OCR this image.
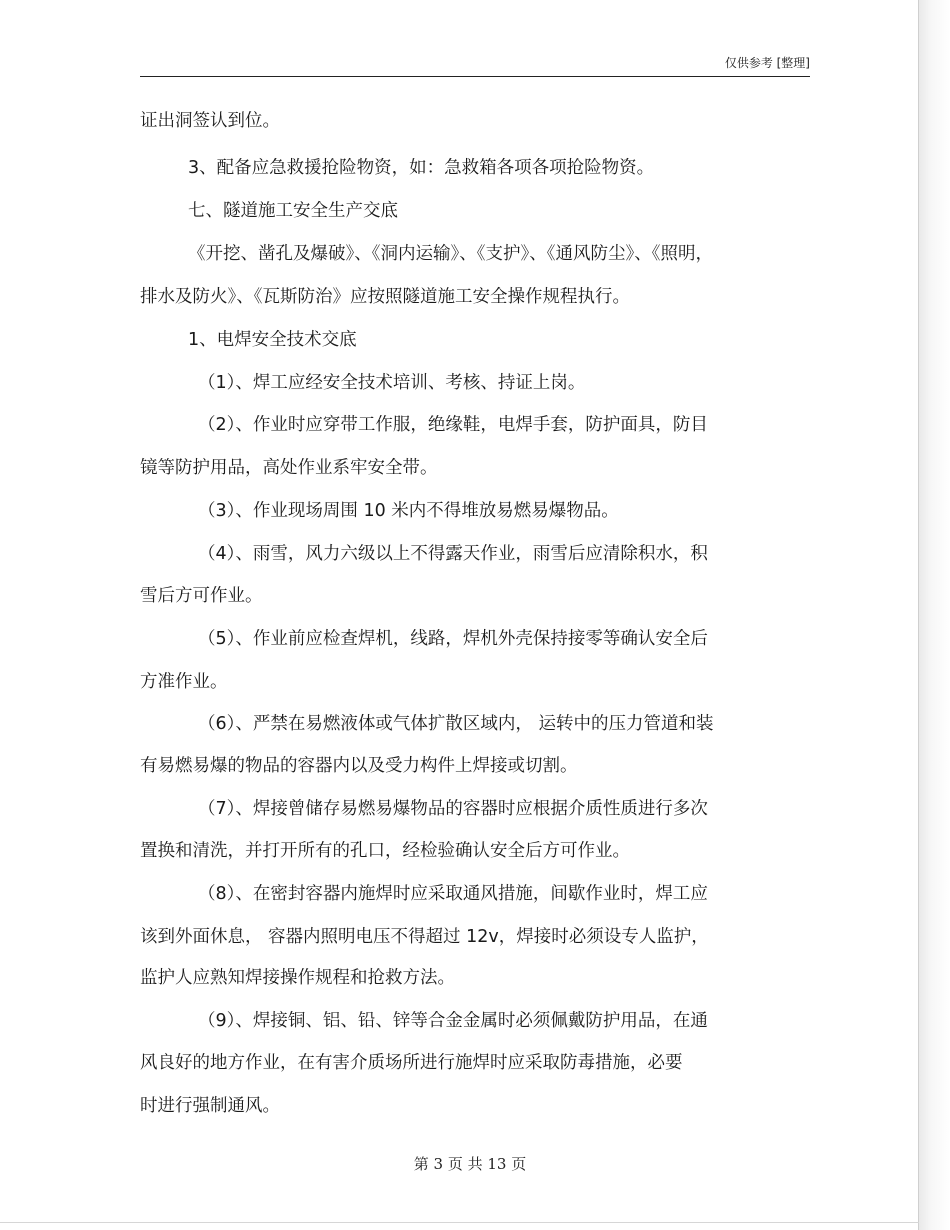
仅供参考 [整理]
证出洞签认到位。
3、配备应急救援抢险物资，如：急救箱各项各项抢险物资。
七、隧道施工安全生产交底
《开挖、凿孔及爆破》、《洞内运输》、《支护》、《通风防尘》、《照明，
排水及防火》、《瓦斯防治》应按照隧道施工安全操作规程执行。
1、电焊安全技术交底
（1）、焊工应经安全技术培训、考核、持证上岗。
（2）、作业时应穿带工作服，绝缘鞋，电焊手套，防护面具，防目
镜等防护用品，高处作业系牢安全带。
（3）、作业现场周围 10 米内不得堆放易燃易爆物品。
（4）、雨雪，风力六级以上不得露天作业，雨雪后应清除积水，积
雪后方可作业。
（5）、作业前应检查焊机，线路，焊机外壳保持接零等确认安全后
方准作业。
（6）、严禁在易燃液体或气体扩散区域内， 运转中的压力管道和装
有易燃易爆的物品的容器内以及受力构件上焊接或切割。
（7）、焊接曾储存易燃易爆物品的容器时应根据介质性质进行多次
置换和清洗，并打开所有的孔口，经检验确认安全后方可作业。
（8）、在密封容器内施焊时应采取通风措施，间歇作业时，焊工应
该到外面休息， 容器内照明电压不得超过 12v，焊接时必须设专人监护，
监护人应熟知焊接操作规程和抢救方法。
（9）、焊接铜、铝、铅、锌等合金金属时必须佩戴防护用品，在通
风良好的地方作业，在有害介质场所进行施焊时应采取防毒措施，必要
时进行强制通风。
第 3 页 共 13 页
